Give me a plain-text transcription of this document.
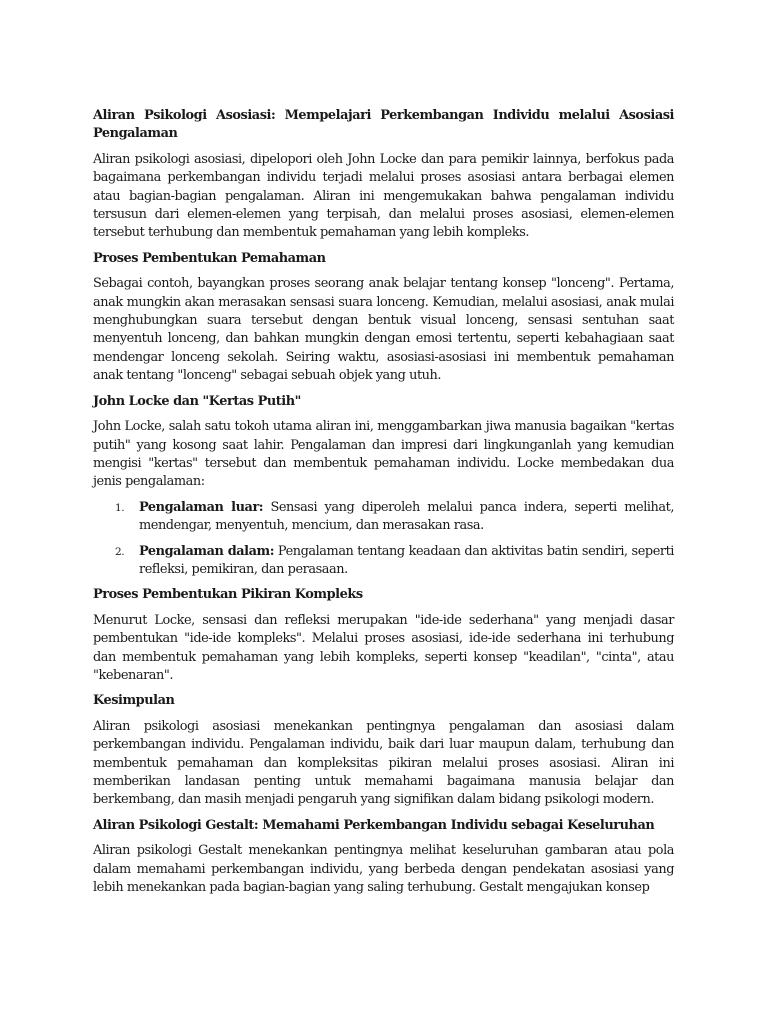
Aliran Psikologi Asosiasi: Mempelajari Perkembangan Individu melalui Asosiasi Pengalaman
Aliran psikologi asosiasi, dipelopori oleh John Locke dan para pemikir lainnya, berfokus pada bagaimana perkembangan individu terjadi melalui proses asosiasi antara berbagai elemen atau bagian-bagian pengalaman. Aliran ini mengemukakan bahwa pengalaman individu tersusun dari elemen-elemen yang terpisah, dan melalui proses asosiasi, elemen-elemen tersebut terhubung dan membentuk pemahaman yang lebih kompleks.
Proses Pembentukan Pemahaman
Sebagai contoh, bayangkan proses seorang anak belajar tentang konsep "lonceng". Pertama, anak mungkin akan merasakan sensasi suara lonceng. Kemudian, melalui asosiasi, anak mulai menghubungkan suara tersebut dengan bentuk visual lonceng, sensasi sentuhan saat menyentuh lonceng, dan bahkan mungkin dengan emosi tertentu, seperti kebahagiaan saat mendengar lonceng sekolah. Seiring waktu, asosiasi-asosiasi ini membentuk pemahaman anak tentang "lonceng" sebagai sebuah objek yang utuh.
John Locke dan "Kertas Putih"
John Locke, salah satu tokoh utama aliran ini, menggambarkan jiwa manusia bagaikan "kertas putih" yang kosong saat lahir. Pengalaman dan impresi dari lingkunganlah yang kemudian mengisi "kertas" tersebut dan membentuk pemahaman individu. Locke membedakan dua jenis pengalaman:
1. Pengalaman luar: Sensasi yang diperoleh melalui panca indera, seperti melihat, mendengar, menyentuh, mencium, dan merasakan rasa.
2. Pengalaman dalam: Pengalaman tentang keadaan dan aktivitas batin sendiri, seperti refleksi, pemikiran, dan perasaan.
Proses Pembentukan Pikiran Kompleks
Menurut Locke, sensasi dan refleksi merupakan "ide-ide sederhana" yang menjadi dasar pembentukan "ide-ide kompleks". Melalui proses asosiasi, ide-ide sederhana ini terhubung dan membentuk pemahaman yang lebih kompleks, seperti konsep "keadilan", "cinta", atau "kebenaran".
Kesimpulan
Aliran psikologi asosiasi menekankan pentingnya pengalaman dan asosiasi dalam perkembangan individu. Pengalaman individu, baik dari luar maupun dalam, terhubung dan membentuk pemahaman dan kompleksitas pikiran melalui proses asosiasi. Aliran ini memberikan landasan penting untuk memahami bagaimana manusia belajar dan berkembang, dan masih menjadi pengaruh yang signifikan dalam bidang psikologi modern.
Aliran Psikologi Gestalt: Memahami Perkembangan Individu sebagai Keseluruhan
Aliran psikologi Gestalt menekankan pentingnya melihat keseluruhan gambaran atau pola dalam memahami perkembangan individu, yang berbeda dengan pendekatan asosiasi yang lebih menekankan pada bagian-bagian yang saling terhubung. Gestalt mengajukan konsep
